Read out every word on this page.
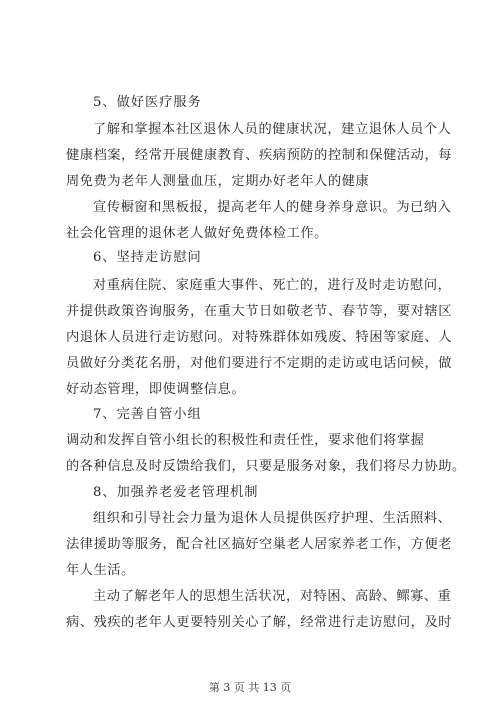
5、做好医疗服务

了解和掌握本社区退休人员的健康状况，建立退休人员个人

健康档案，经常开展健康教育、疾病预防的控制和保健活动，每

周免费为老年人测量血压，定期办好老年人的健康

宣传橱窗和黑板报，提高老年人的健身养身意识。为已纳入

社会化管理的退休老人做好免费体检工作。

6、坚持走访慰问

对重病住院、家庭重大事件、死亡的，进行及时走访慰问，

并提供政策咨询服务，在重大节日如敬老节、春节等，要对辖区

内退休人员进行走访慰问。对特殊群体如残废、特困等家庭、人

员做好分类花名册，对他们要进行不定期的走访或电话问候，做

好动态管理，即使调整信息。

7、完善自管小组

调动和发挥自管小组长的积极性和责任性，要求他们将掌握

的各种信息及时反馈给我们，只要是服务对象，我们将尽力协助。

8、加强养老爱老管理机制

组织和引导社会力量为退休人员提供医疗护理、生活照料、

法律援助等服务，配合社区搞好空巢老人居家养老工作，方便老

年人生活。

主动了解老年人的思想生活状况，对特困、高龄、鳏寡、重

病、残疾的老年人更要特别关心了解，经常进行走访慰问，及时

第 3 页 共 13 页
